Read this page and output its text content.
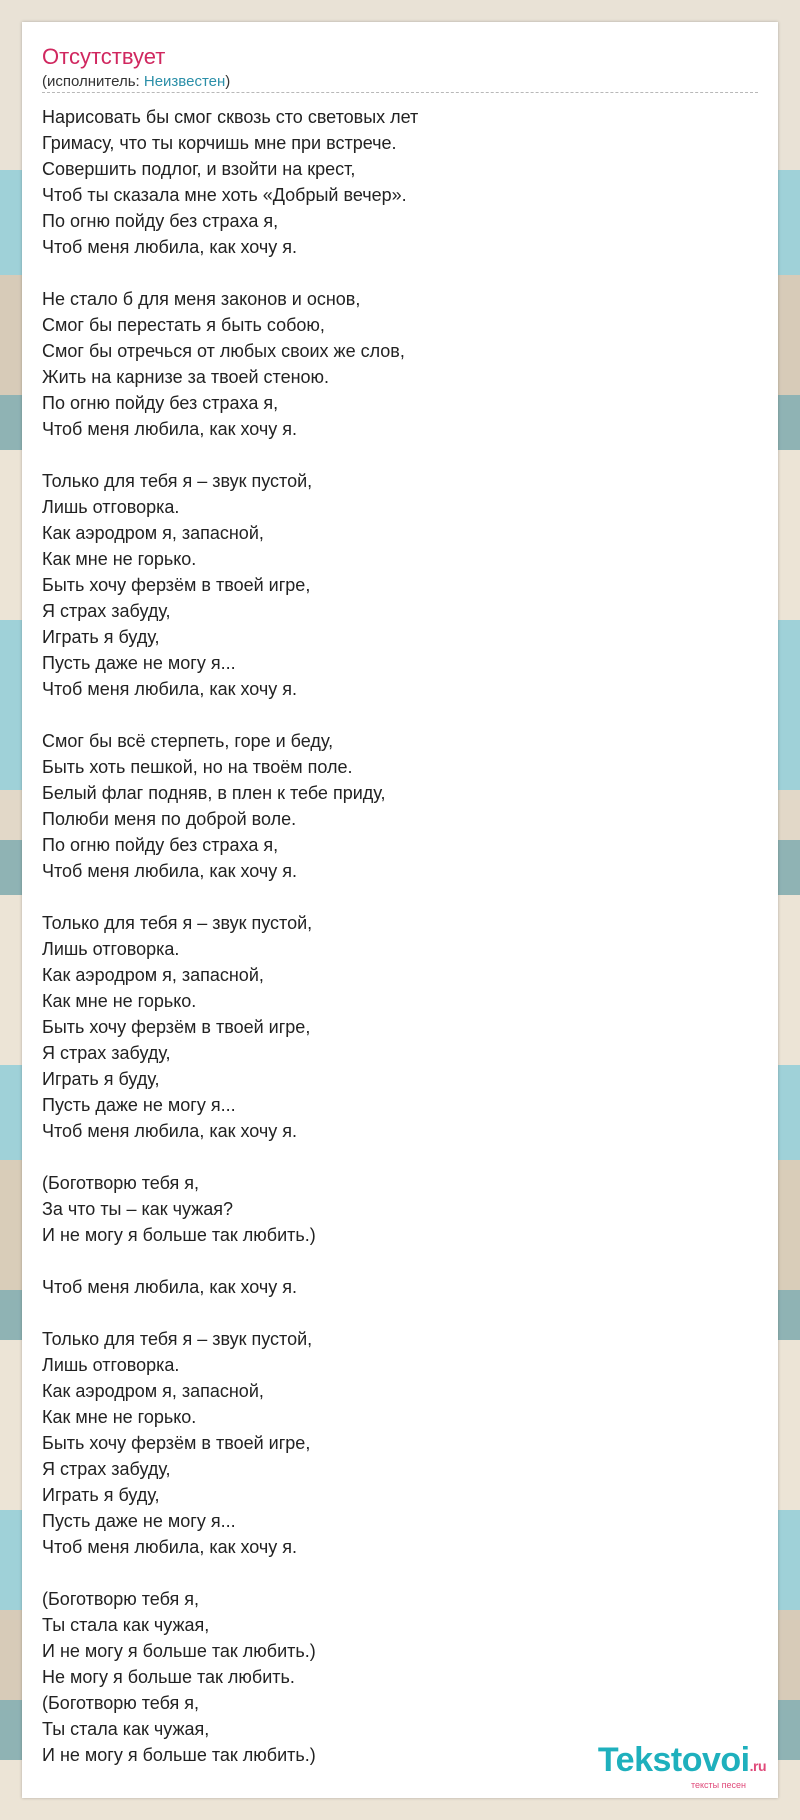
Отсутствует
(исполнитель: Неизвестен)
Нарисовать бы смог сквозь сто световых лет
Гримасу, что ты корчишь мне при встрече.
Совершить подлог, и взойти на крест,
Чтоб ты сказала мне хоть «Добрый вечер».
По огню пойду без страха я,
Чтоб меня любила, как хочу я.
Не стало б для меня законов и основ,
Смог бы перестать я быть собою,
Смог бы отречься от любых своих же слов,
Жить на карнизе за твоей стеною.
По огню пойду без страха я,
Чтоб меня любила, как хочу я.
Только для тебя я – звук пустой,
Лишь отговорка.
Как аэродром я, запасной,
Как мне не горько.
Быть хочу ферзём в твоей игре,
Я страх забуду,
Играть я буду,
Пусть даже не могу я...
Чтоб меня любила, как хочу я.
Смог бы всё стерпеть, горе и беду,
Быть хоть пешкой, но на твоём поле.
Белый флаг подняв, в плен к тебе приду,
Полюби меня по доброй воле.
По огню пойду без страха я,
Чтоб меня любила, как хочу я.
Только для тебя я – звук пустой,
Лишь отговорка.
Как аэродром я, запасной,
Как мне не горько.
Быть хочу ферзём в твоей игре,
Я страх забуду,
Играть я буду,
Пусть даже не могу я...
Чтоб меня любила, как хочу я.
(Боготворю тебя я,
За что ты – как чужая?
И не могу я больше так любить.)
Чтоб меня любила, как хочу я.
Только для тебя я – звук пустой,
Лишь отговорка.
Как аэродром я, запасной,
Как мне не горько.
Быть хочу ферзём в твоей игре,
Я страх забуду,
Играть я буду,
Пусть даже не могу я...
Чтоб меня любила, как хочу я.
(Боготворю тебя я,
Ты стала как чужая,
И не могу я больше так любить.)
Не могу я больше так любить.
(Боготворю тебя я,
Ты стала как чужая,
И не могу я больше так любить.)	Tekstovoi.ru
тексты песен
